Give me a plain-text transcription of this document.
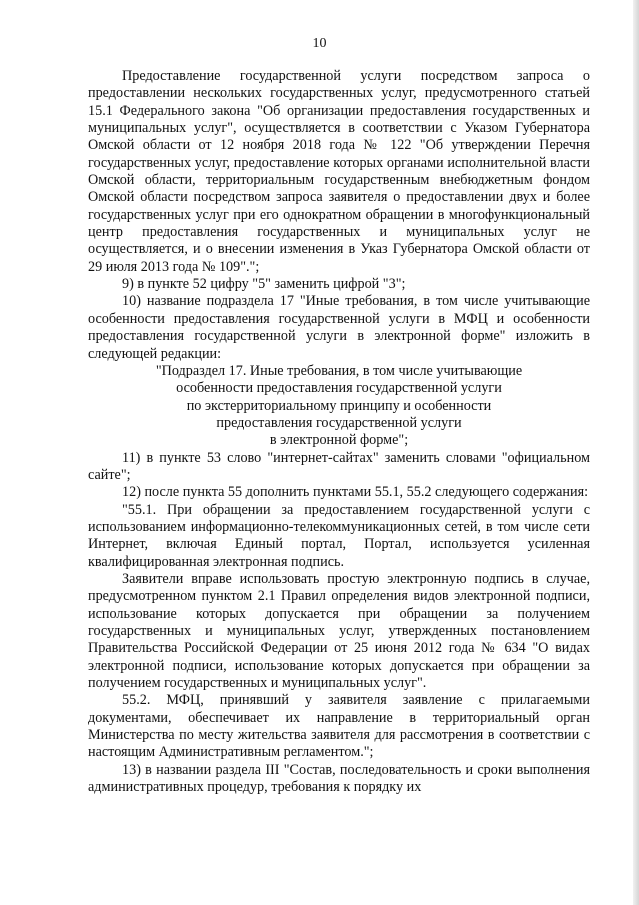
10

Предоставление государственной услуги посредством запроса о предоставлении нескольких государственных услуг, предусмотренного статьей 15.1 Федерального закона "Об организации предоставления государственных и муниципальных услуг", осуществляется в соответствии с Указом Губернатора Омской области от 12 ноября 2018 года № 122 "Об утверждении Перечня государственных услуг, предоставление которых органами исполнительной власти Омской области, территориальным государственным внебюджетным фондом Омской области посредством запроса заявителя о предоставлении двух и более государственных услуг при его однократном обращении в многофункциональный центр предоставления государственных и муниципальных услуг не осуществляется, и о внесении изменения в Указ Губернатора Омской области от 29 июля 2013 года № 109".";

9) в пункте 52 цифру "5" заменить цифрой "3";

10) название подраздела 17 "Иные требования, в том числе учитывающие особенности предоставления государственной услуги в МФЦ и особенности предоставления государственной услуги в электронной форме" изложить в следующей редакции:

"Подраздел 17. Иные требования, в том числе учитывающие

особенности предоставления государственной услуги

по экстерриториальному принципу и особенности

предоставления государственной услуги

в электронной форме";

11) в пункте 53 слово "интернет-сайтах" заменить словами "официальном сайте";

12) после пункта 55 дополнить пунктами 55.1, 55.2 следующего содержания:

"55.1. При обращении за предоставлением государственной услуги с использованием информационно-телекоммуникационных сетей, в том числе сети Интернет, включая Единый портал, Портал, используется усиленная квалифицированная электронная подпись.

Заявители вправе использовать простую электронную подпись в случае, предусмотренном пунктом 2.1 Правил определения видов электронной подписи, использование которых допускается при обращении за получением государственных и муниципальных услуг, утвержденных постановлением Правительства Российской Федерации от 25 июня 2012 года № 634 "О видах электронной подписи, использование которых допускается при обращении за получением государственных и муниципальных услуг".

55.2. МФЦ, принявший у заявителя заявление с прилагаемыми документами, обеспечивает их направление в территориальный орган Министерства по месту жительства заявителя для рассмотрения в соответствии с настоящим Административным регламентом.";

13) в названии раздела III "Состав, последовательность и сроки выполнения административных процедур, требования к порядку их
